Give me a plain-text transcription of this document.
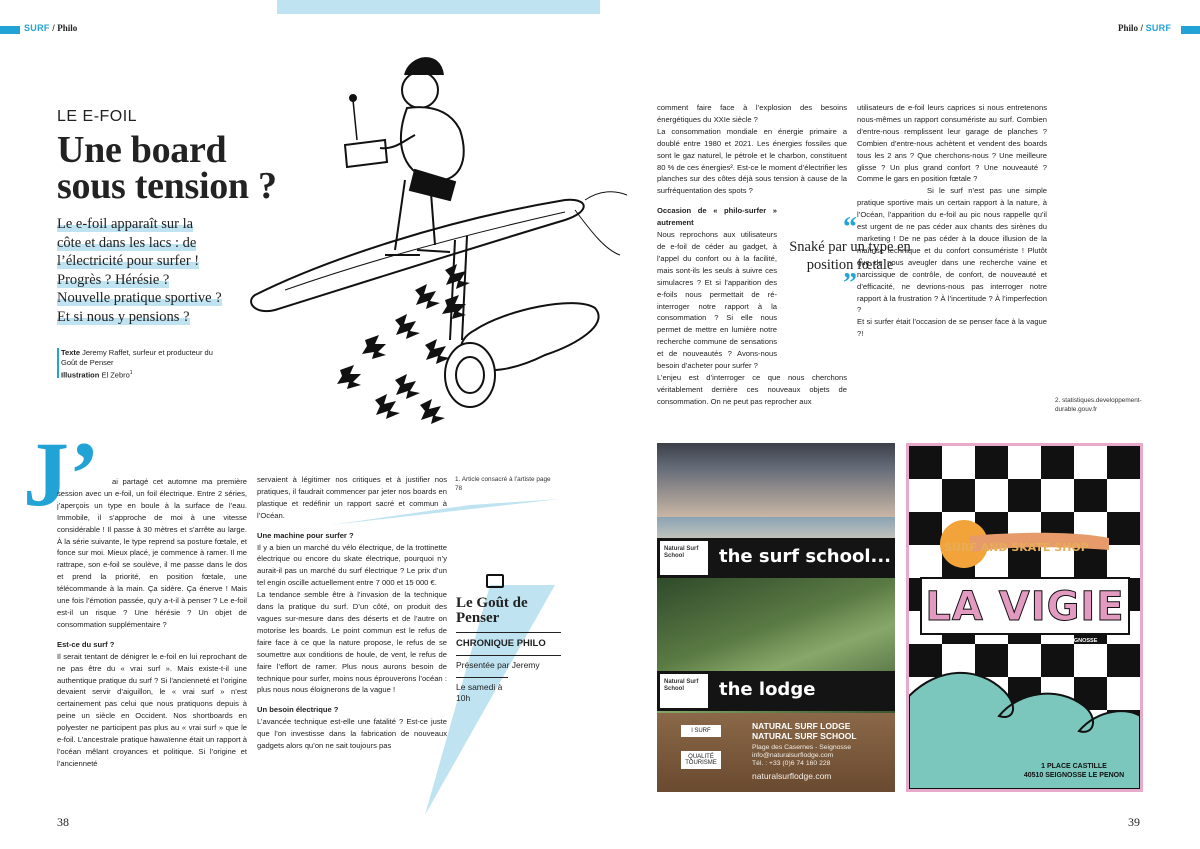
SURF / Philo	Philo / SURF
LE E-FOIL
Une board
sous tension ?
Le e-foil apparaît sur la
côte et dans les lacs : de
l’électricité pour surfer !
Progrès ? Hérésie ?
Nouvelle pratique sportive ?
Et si nous y pensions ?
Texte Jeremy Raffet, surfeur et producteur du Goût de Penser
Illustration El Zebro$^1$
J’	ai partagé cet automne ma première session avec un e-foil, un foil électrique. Entre 2 séries, j’aperçois un type en boule à la surface de l’eau. Immobile, il s’approche de moi à une vitesse considérable ! Il passe à 30 mètres et s’arrête au large. À la série suivante, le type reprend sa posture fœtale, et fonce sur moi. Mieux placé, je commence à ramer. Il me rattrape, son e-foil se soulève, il me passe dans le dos et prend la priorité, en position fœtale, une télécommande à la main. Ça sidère. Ça énerve ! Mais une fois l’émotion passée, qu’y a-t-il à penser ? Le e-foil est-il un risque ? Une hérésie ? Un objet de consommation supplémentaire ?

Est-ce du surf ?

Il serait tentant de dénigrer le e-foil en lui reprochant de ne pas être du « vrai surf ». Mais existe-t-il une authentique pratique du surf ? Si l’ancienneté et l’origine devaient servir d’aiguillon, le « vrai surf » n’est certainement pas celui que nous pratiquons depuis à peine un siècle en Occident. Nos shortboards en polyester ne participent pas plus au « vrai surf » que le e-foil. L’ancestrale pratique hawaïenne était un rapport à l’océan mêlant croyances et politique. Si l’origine et l’ancienneté

servaient à légitimer nos critiques et à justifier nos pratiques, il faudrait commencer par jeter nos boards en plastique et redéfinir un rapport sacré et commun à l’Océan.

Une machine pour surfer ?

Il y a bien un marché du vélo électrique, de la trottinette électrique ou encore du skate électrique, pourquoi n’y aurait-il pas un marché du surf électrique ? Le prix d’un tel engin oscille actuellement entre 7 000 et 15 000 €.

La tendance semble être à l’invasion de la technique dans la pratique du surf. D’un côté, on produit des vagues sur-mesure dans des déserts et de l’autre on motorise les boards. Le point commun est le refus de faire face à ce que la nature propose, le refus de se soumettre aux conditions de houle, de vent, le refus de faire l’effort de ramer. Plus nous aurons besoin de technique pour surfer, moins nous éprouverons l’océan : plus nous nous éloignerons de la vague !

Un besoin électrique ?

L’avancée technique est-elle une fatalité ? Est-ce juste que l’on investisse dans la fabrication de nouveaux gadgets alors qu’on ne sait toujours pas

1. Article consacré à l’artiste page 78
Le Goût de Penser
CHRONIQUE PHILO
Présentée par Jeremy
Le samedi à 10h

comment faire face à l’explosion des besoins énergétiques du XXIe siècle ?

La consommation mondiale en énergie primaire a doublé entre 1980 et 2021. Les énergies fossiles que sont le gaz naturel, le pétrole et le charbon, constituent 80 % de ces énergies². Est-ce le moment d’électrifier les planches sur des côtes déjà sous tension à cause de la surfréquentation des spots ?

Occasion de « philo-surfer » autrement

Nous reprochons aux utilisateurs de e-foil de céder au gadget, à l’appel du confort ou à la facilité, mais sont-ils les seuls à suivre ces simulacres ? Et si l’apparition des e-foils nous permettait de ré-interroger notre rapport à la consommation ? Si elle nous permet de mettre en lumière notre recherche commune de sensations et de nouveautés ? Avons-nous besoin d’acheter pour surfer ?

L’enjeu est d’interroger ce que nous cherchons véritablement derrière ces nouveaux objets de consommation. On ne peut pas reprocher aux

utilisateurs de e-foil leurs caprices si nous entretenons nous-mêmes un rapport consumériste au surf. Combien d’entre-nous remplissent leur garage de planches ? Combien d’entre-nous achètent et vendent des boards tous les 2 ans ? Que cherchons-nous ? Une meilleure glisse ? Un plus grand confort ? Une nouveauté ? Comme le gars en position fœtale ?

Si le surf n’est pas une simple pratique sportive mais un certain rapport à la nature, à l’Océan, l’apparition du e-foil au pic nous rappelle qu’il est urgent de ne pas céder aux chants des sirènes du marketing ! De ne pas céder à la douce illusion de la maîtrise technique et du confort consumériste ! Plutôt que de nous aveugler dans une recherche vaine et narcissique de contrôle, de confort, de nouveauté et d’efficacité, ne devrions-nous pas interroger notre rapport à la frustration ? À l’incertitude ? À l’imperfection ?

Et si surfer était l’occasion de se penser face à la vague ?!

“
Snaké par un type en position fœtale
”
2. statistiques.developpement-durable.gouv.fr
Natural Surf School	the surf school...
Natural Surf School	the lodge
l SURF
QUALITÉ TOURISME
NATURAL SURF LODGE
NATURAL SURF SCHOOL
Plage des Casernes - Seignosse
info@naturalsurflodge.com
Tél. : +33 (0)6 74 160 228
naturalsurflodge.com
SURF AND SKATE SHOP
LA VIGIE
SEIGNOSSE
1 PLACE CASTILLE
40510 SEIGNOSSE LE PENON
38	39
